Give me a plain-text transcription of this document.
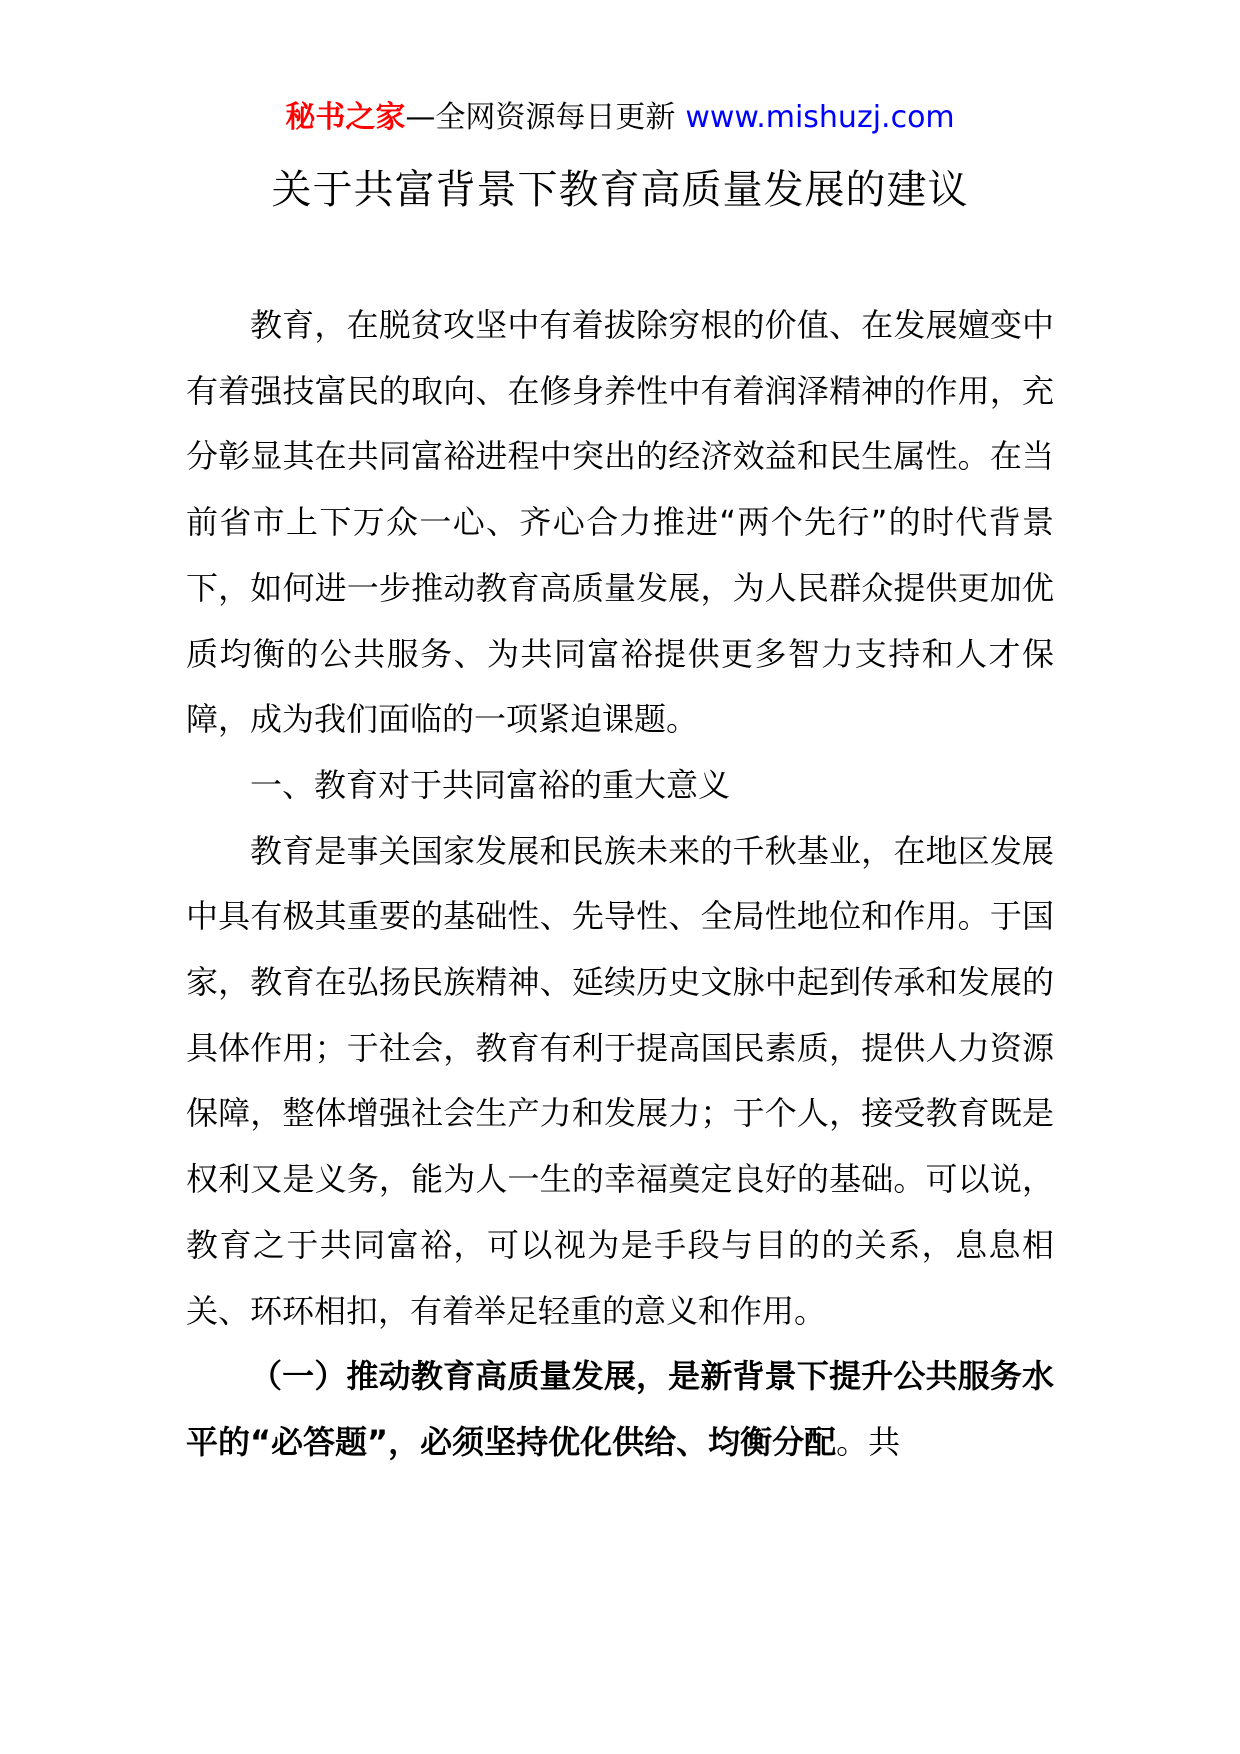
秘书之家—全网资源每日更新 www.mishuzj.com
关于共富背景下教育高质量发展的建议

教育，在脱贫攻坚中有着拔除穷根的价值、在发展嬗变中有着强技富民的取向、在修身养性中有着润泽精神的作用，充分彰显其在共同富裕进程中突出的经济效益和民生属性。在当前省市上下万众一心、齐心合力推进“两个先行”的时代背景下，如何进一步推动教育高质量发展，为人民群众提供更加优质均衡的公共服务、为共同富裕提供更多智力支持和人才保障，成为我们面临的一项紧迫课题。

一、教育对于共同富裕的重大意义

教育是事关国家发展和民族未来的千秋基业，在地区发展中具有极其重要的基础性、先导性、全局性地位和作用。于国家，教育在弘扬民族精神、延续历史文脉中起到传承和发展的具体作用；于社会，教育有利于提高国民素质，提供人力资源保障，整体增强社会生产力和发展力；于个人，接受教育既是权利又是义务，能为人一生的幸福奠定良好的基础。可以说，教育之于共同富裕，可以视为是手段与目的的关系，息息相关、环环相扣，有着举足轻重的意义和作用。

（一）推动教育高质量发展，是新背景下提升公共服务水平的“必答题”，必须坚持优化供给、均衡分配。共
